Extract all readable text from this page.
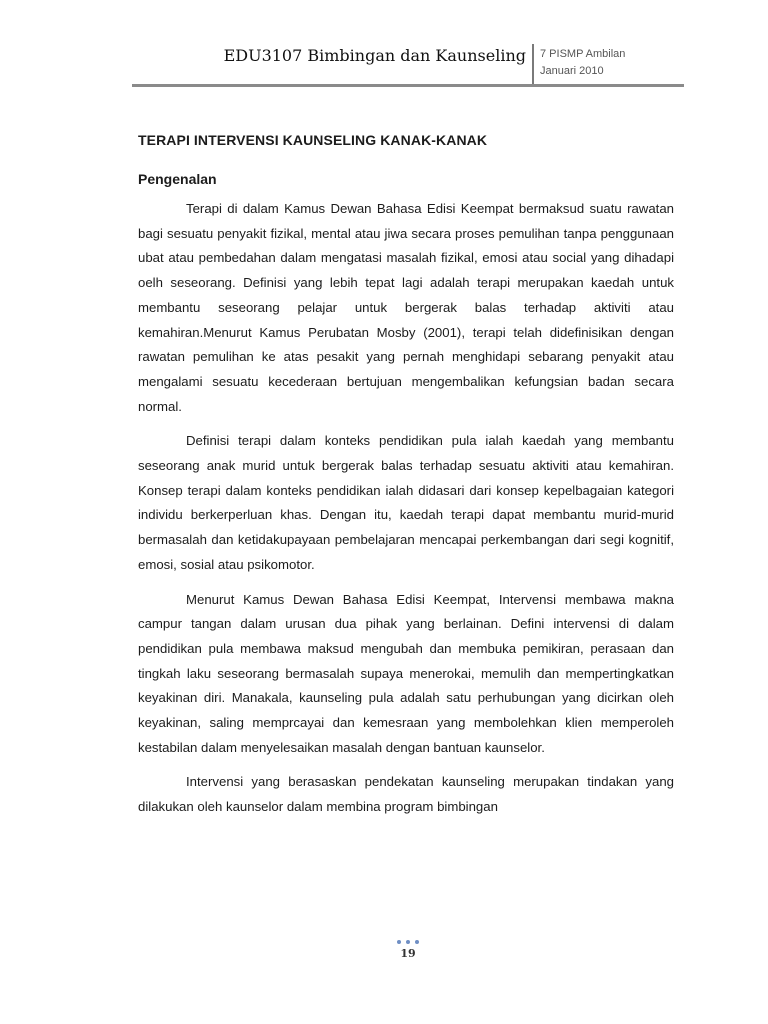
EDU3107 Bimbingan dan Kaunseling 7 PISMP Ambilan
Januari 2010
TERAPI INTERVENSI KAUNSELING KANAK-KANAK
Pengenalan

Terapi di dalam Kamus Dewan Bahasa Edisi Keempat bermaksud suatu rawatan bagi sesuatu penyakit fizikal, mental atau jiwa secara proses pemulihan tanpa penggunaan ubat atau pembedahan dalam mengatasi masalah fizikal, emosi atau social yang dihadapi oelh seseorang. Definisi yang lebih tepat lagi adalah terapi merupakan kaedah untuk membantu seseorang pelajar untuk bergerak balas terhadap aktiviti atau kemahiran.Menurut Kamus Perubatan Mosby (2001), terapi telah didefinisikan dengan rawatan pemulihan ke atas pesakit yang pernah menghidapi sebarang penyakit atau mengalami sesuatu kecederaan bertujuan mengembalikan kefungsian badan secara normal.

Definisi terapi dalam konteks pendidikan pula ialah kaedah yang membantu seseorang anak murid untuk bergerak balas terhadap sesuatu aktiviti atau kemahiran. Konsep terapi dalam konteks pendidikan ialah didasari dari konsep kepelbagaian kategori individu berkerperluan khas. Dengan itu, kaedah terapi dapat membantu murid-murid bermasalah dan ketidakupayaan pembelajaran mencapai perkembangan dari segi kognitif, emosi, sosial atau psikomotor.

Menurut Kamus Dewan Bahasa Edisi Keempat, Intervensi membawa makna campur tangan dalam urusan dua pihak yang berlainan. Defini intervensi di dalam pendidikan pula membawa maksud mengubah dan membuka pemikiran, perasaan dan tingkah laku seseorang bermasalah supaya menerokai, memulih dan mempertingkatkan keyakinan diri. Manakala, kaunseling pula adalah satu perhubungan yang dicirkan oleh keyakinan, saling memprcayai dan kemesraan yang membolehkan klien memperoleh kestabilan dalam menyelesaikan masalah dengan bantuan kaunselor.

Intervensi yang berasaskan pendekatan kaunseling merupakan tindakan yang dilakukan oleh kaunselor dalam membina program bimbingan

19
